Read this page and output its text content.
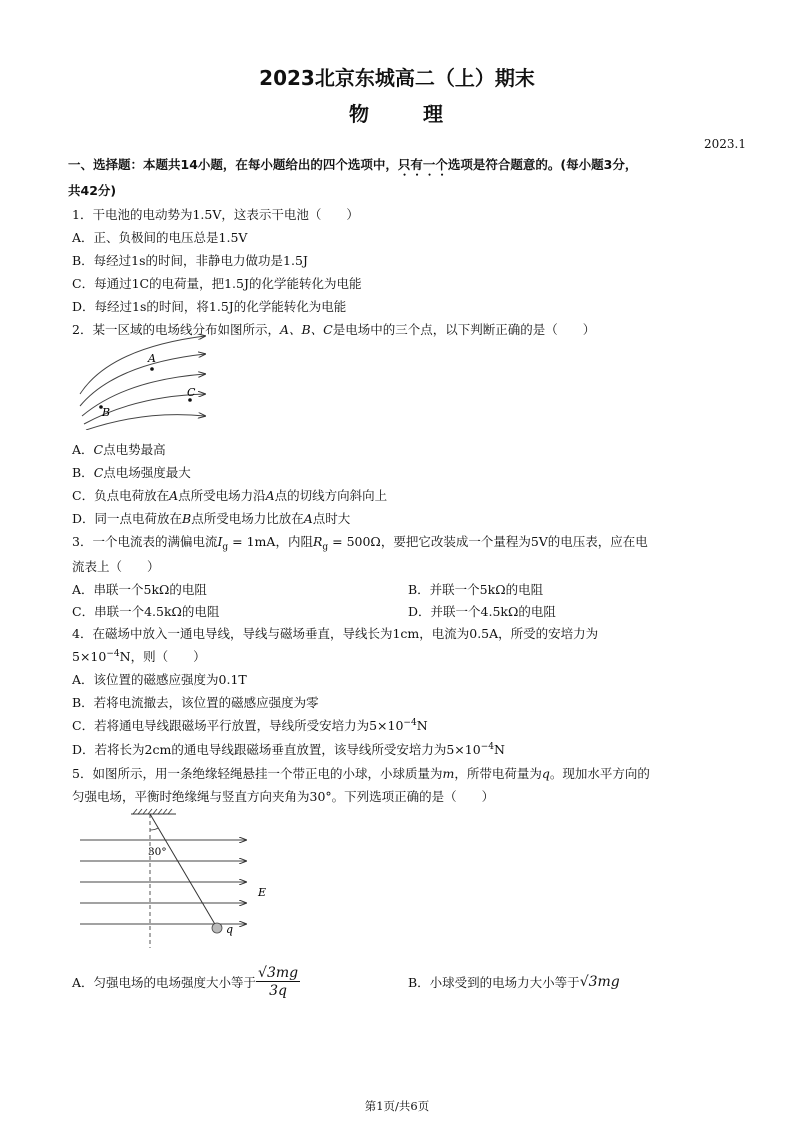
2023北京东城高二（上）期末
物	理
2023.1
一、选择题：本题共14小题，在每小题给出的四个选项中，只有一个选项是符合题意的。(每小题3分，
共42分)
1．干电池的电动势为1.5V，这表示干电池（　　）
A．正、负极间的电压总是1.5V
B．每经过1s的时间，非静电力做功是1.5J
C．每通过1C的电荷量，把1.5J的化学能转化为电能
D．每经过1s的时间，将1.5J的化学能转化为电能
2．某一区域的电场线分布如图所示，A、B、C是电场中的三个点，以下判断正确的是（　　）
A
B
C
A．C点电势最高
B．C点电场强度最大
C．负点电荷放在A点所受电场力沿A点的切线方向斜向上
D．同一点电荷放在B点所受电场力比放在A点时大
3．一个电流表的满偏电流$I_g = 1mA$，内阻$R_g = 500\Omega$，要把它改装成一个量程为5V的电压表，应在电
流表上（　　）
A．串联一个5kΩ的电阻	B．并联一个5kΩ的电阻
C．串联一个4.5kΩ的电阻	D．并联一个4.5kΩ的电阻
4．在磁场中放入一通电导线，导线与磁场垂直，导线长为1cm，电流为0.5A，所受的安培力为
$5\times 10^{-4}N$，则（　　）
A．该位置的磁感应强度为0.1T
B．若将电流撤去，该位置的磁感应强度为零
C．若将通电导线跟磁场平行放置，导线所受安培力为$5\times 10^{-4}N$
D．若将长为2cm的通电导线跟磁场垂直放置，该导线所受安培力为$5\times 10^{-4}N$
5．如图所示，用一条绝缘轻绳悬挂一个带正电的小球，小球质量为m，所带电荷量为q。现加水平方向的
匀强电场，平衡时绝缘绳与竖直方向夹角为30°。下列选项正确的是（　　）
30°
q
E
A．匀强电场的电场强度大小等于 $\frac{√3mg}{3q}$	B．小球受到的电场力大小等于 √3mg
第1页/共6页
